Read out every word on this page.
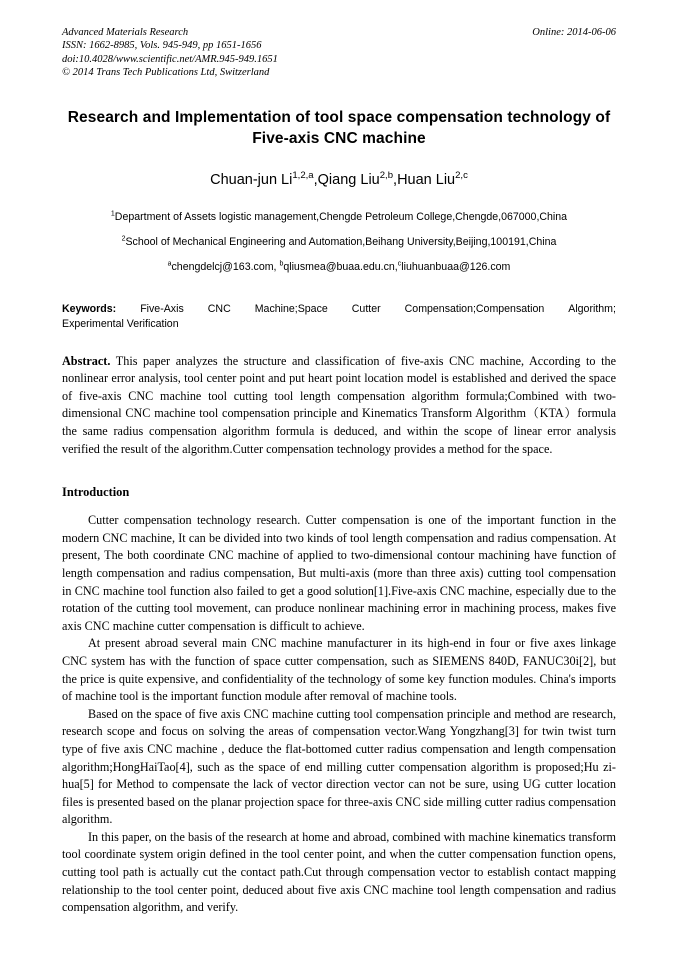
Advanced Materials Research
ISSN: 1662-8985, Vols. 945-949, pp 1651-1656
doi:10.4028/www.scientific.net/AMR.945-949.1651
© 2014 Trans Tech Publications Ltd, Switzerland
Online: 2014-06-06
Research and Implementation of tool space compensation technology of
Five-axis CNC machine
Chuan-jun Li$^{1,2,a}$,Qiang Liu$^{2,b}$,Huan Liu$^{2,c}$
$^1$Department of Assets logistic management,Chengde Petroleum College,Chengde,067000,China
$^2$School of Mechanical Engineering and Automation,Beihang University,Beijing,100191,China
$^a$chengdelcj@163.com, $^b$qliusmea@buaa.edu.cn,$^c$liuhuanbuaa@126.com
Keywords: Five-Axis CNC Machine;Space Cutter Compensation;Compensation Algorithm;
Experimental Verification
Abstract. This paper analyzes the structure and classification of five-axis CNC machine, According to the nonlinear error analysis, tool center point and put heart point location model is established and derived the space of five-axis CNC machine tool cutting tool length compensation algorithm formula;Combined with two-dimensional CNC machine tool compensation principle and Kinematics Transform Algorithm（KTA）formula the same radius compensation algorithm formula is deduced, and within the scope of linear error analysis verified the result of the algorithm.Cutter compensation technology provides a method for the space.
Introduction

Cutter compensation technology research. Cutter compensation is one of the important function in the modern CNC machine, It can be divided into two kinds of tool length compensation and radius compensation. At present, The both coordinate CNC machine of applied to two-dimensional contour machining have function of length compensation and radius compensation, But multi-axis (more than three axis) cutting tool compensation in CNC machine tool function also failed to get a good solution[1].Five-axis CNC machine, especially due to the rotation of the cutting tool movement, can produce nonlinear machining error in machining process, makes five axis CNC machine cutter compensation is difficult to achieve.

At present abroad several main CNC machine manufacturer in its high-end in four or five axes linkage CNC system has with the function of space cutter compensation, such as SIEMENS 840D, FANUC30i[2], but the price is quite expensive, and confidentiality of the technology of some key function modules. China's imports of machine tool is the important function module after removal of machine tools.

Based on the space of five axis CNC machine cutting tool compensation principle and method are research, research scope and focus on solving the areas of compensation vector.Wang Yongzhang[3] for twin twist turn type of five axis CNC machine , deduce the flat-bottomed cutter radius compensation and length compensation algorithm;HongHaiTao[4], such as the space of end milling cutter compensation algorithm is proposed;Hu zi-hua[5] for Method to compensate the lack of vector direction vector can not be sure, using UG cutter location files is presented based on the planar projection space for three-axis CNC side milling cutter radius compensation algorithm.

In this paper, on the basis of the research at home and abroad, combined with machine kinematics transform tool coordinate system origin defined in the tool center point, and when the cutter compensation function opens, cutting tool path is actually cut the contact path.Cut through compensation vector to establish contact mapping relationship to the tool center point, deduced about five axis CNC machine tool length compensation and radius compensation algorithm, and verify.
